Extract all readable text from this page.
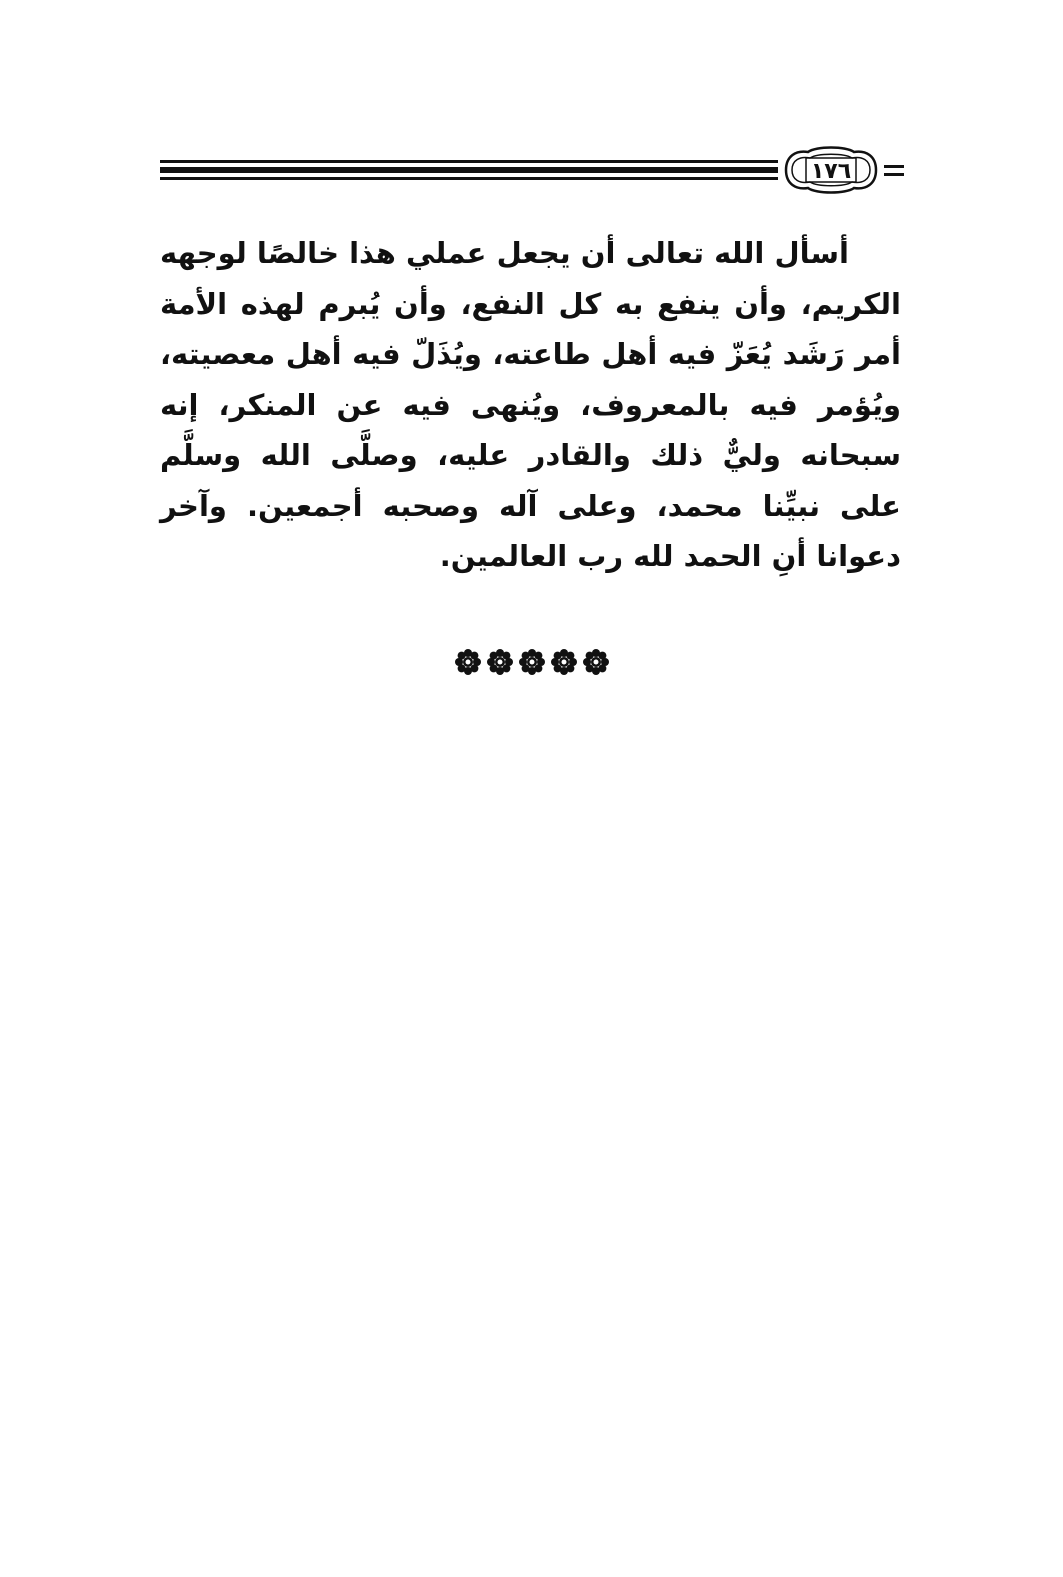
١٧٦

أسأل الله تعالى أن يجعل عملي هذا خالصًا لوجهه الكريم، وأن ينفع به كل النفع، وأن يُبرم لهذه الأمة أمر رَشَد يُعَزّ فيه أهل طاعته، ويُذَلّ فيه أهل معصيته، ويُؤمر فيه بالمعروف، ويُنهى فيه عن المنكر، إنه سبحانه وليٌّ ذلك والقادر عليه، وصلَّى الله وسلَّم على نبيِّنا محمد، وعلى آله وصحبه أجمعين. وآخر دعوانا أنِ الحمد لله رب العالمين.
